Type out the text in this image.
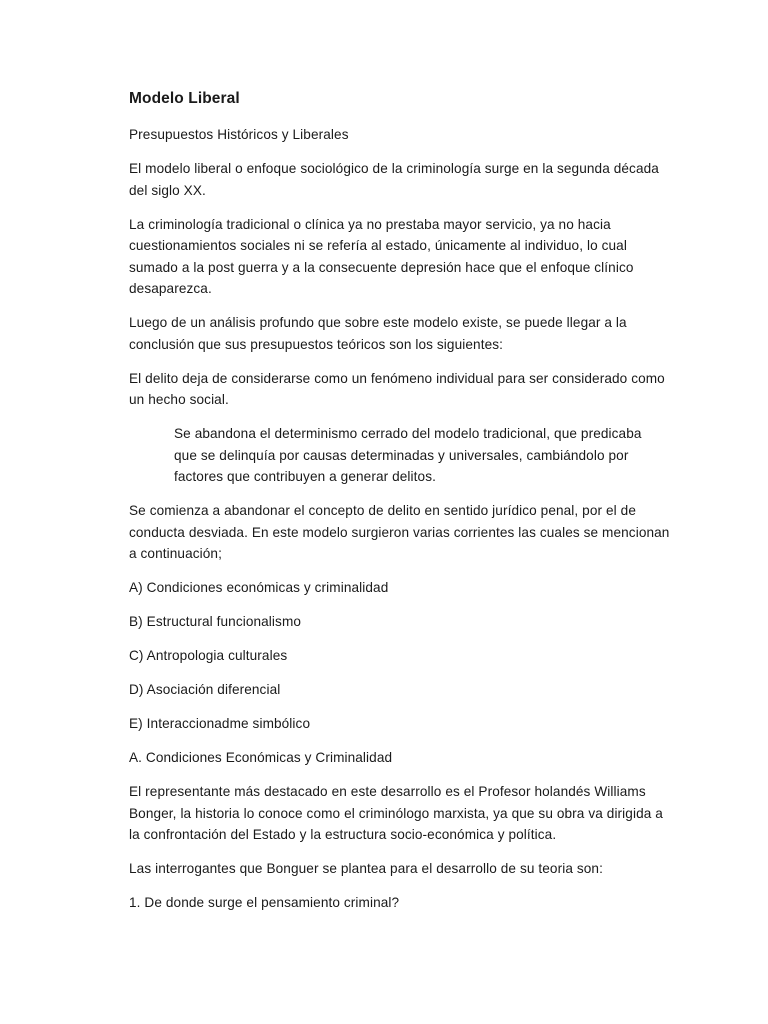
Modelo Liberal

Presupuestos Históricos y Liberales

El modelo liberal o enfoque sociológico de la criminología surge en la segunda década del siglo XX.

La criminología tradicional o clínica ya no prestaba mayor servicio, ya no hacia cuestionamientos sociales ni se refería al estado, únicamente al individuo, lo cual sumado a la post guerra y a la consecuente depresión hace que el enfoque clínico desaparezca.

Luego de un análisis profundo que sobre este modelo existe, se puede llegar a la conclusión que sus presupuestos teóricos son los siguientes:

El delito deja de considerarse como un fenómeno individual para ser considerado como un hecho social.

Se abandona el determinismo cerrado del modelo tradicional, que predicaba que se delinquía por causas determinadas y universales, cambiándolo por factores que contribuyen a generar delitos.

Se comienza a abandonar el concepto de delito en sentido jurídico penal, por el de conducta desviada. En este modelo surgieron varias corrientes las cuales se mencionan a continuación;

A) Condiciones económicas y criminalidad
B) Estructural funcionalismo
C) Antropologia culturales
D) Asociación diferencial
E) Interaccionadme simbólico

A. Condiciones Económicas y Criminalidad

El representante más destacado en este desarrollo es el Profesor holandés Williams Bonger, la historia lo conoce como el criminólogo marxista, ya que su obra va dirigida a la confrontación del Estado y la estructura socio-económica y política.

Las interrogantes que Bonguer se plantea para el desarrollo de su teoria son:

1. De donde surge el pensamiento criminal?
